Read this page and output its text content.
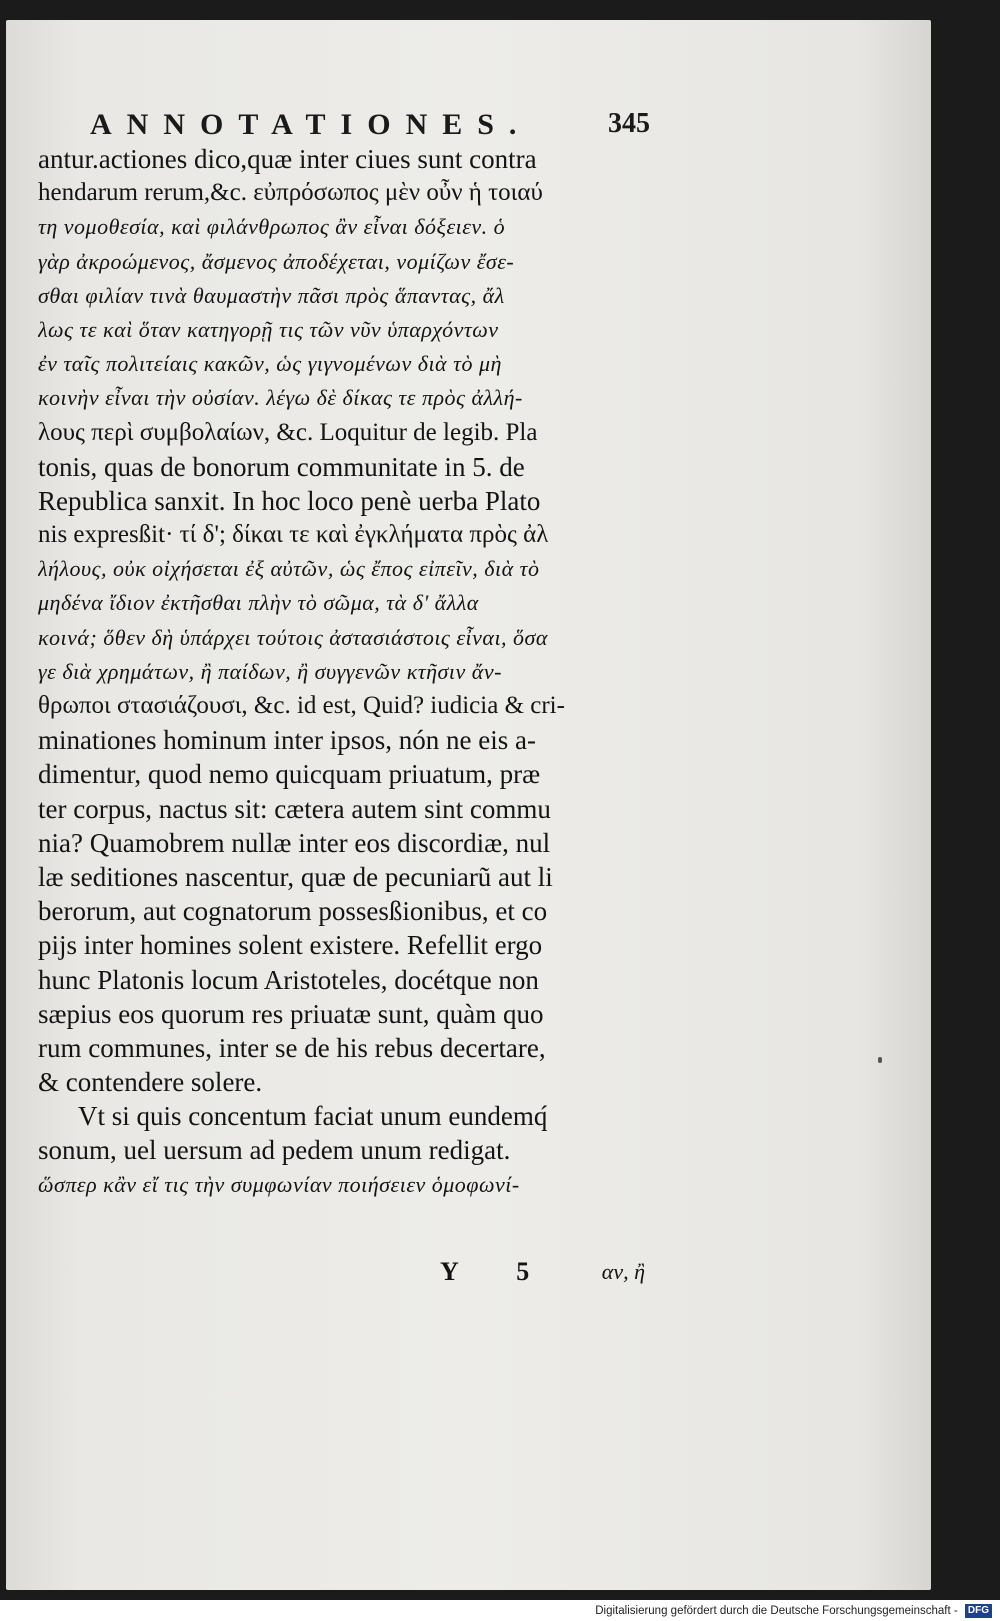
ANNOTATIONES.	345
antur.actiones dico,quæ inter ciues sunt contra
hendarum rerum,&c. εὐπρόσωπος μὲν οὖν ἡ τοιαύ
τη νομοθεσία, καὶ φιλάνθρωπος ἂν εἶναι δόξειεν. ὁ
γὰρ ἀκροώμενος, ἄσμενος ἀποδέχεται, νομίζων ἔσε-
σθαι φιλίαν τινὰ θαυμαστὴν πᾶσι πρὸς ἅπαντας, ἄλ
λως τε καὶ ὅταν κατηγορῇ τις τῶν νῦν ὑπαρχόντων
ἐν ταῖς πολιτείαις κακῶν, ὡς γιγνομένων διὰ τὸ μὴ
κοινὴν εἶναι τὴν οὐσίαν. λέγω δὲ δίκας τε πρὸς ἀλλή-
λους περὶ συμβολαίων, &c. Loquitur de legib. Pla
tonis, quas de bonorum communitate in 5. de
Republica sanxit. In hoc loco penè uerba Plato
nis expresßit· τί δ'; δίκαι τε καὶ ἐγκλήματα πρὸς ἀλ
λήλους, οὐκ οἰχήσεται ἐξ αὐτῶν, ὡς ἔπος εἰπεῖν, διὰ τὸ
μηδένα ἴδιον ἐκτῆσθαι πλὴν τὸ σῶμα, τὰ δ' ἄλλα
κοινά; ὅθεν δὴ ὑπάρχει τούτοις ἀστασιάστοις εἶναι, ὅσα
γε διὰ χρημάτων, ἢ παίδων, ἢ συγγενῶν κτῆσιν ἄν-
θρωποι στασιάζουσι, &c. id est, Quid? iudicia & cri-
minationes hominum inter ipsos, nón ne eis a-
dimentur, quod nemo quicquam priuatum, præ
ter corpus, nactus sit: cætera autem sint commu
nia? Quamobrem nullæ inter eos discordiæ, nul
læ seditiones nascentur, quæ de pecuniarũ aut li
berorum, aut cognatorum possesßionibus, et co
pijs inter homines solent existere. Refellit ergo
hunc Platonis locum Aristoteles, docétque non
sæpius eos quorum res priuatæ sunt, quàm quo
rum communes, inter se de his rebus decertare,
& contendere solere.
Vt si quis concentum faciat unum eundemq́
sonum, uel uersum ad pedem unum redigat.
ὥσπερ κἂν εἴ τις τὴν συμφωνίαν ποιήσειεν ὁμοφωνί-
Y 5 αν, ἢ
Digitalisierung gefördert durch die Deutsche Forschungsgemeinschaft - DFG
